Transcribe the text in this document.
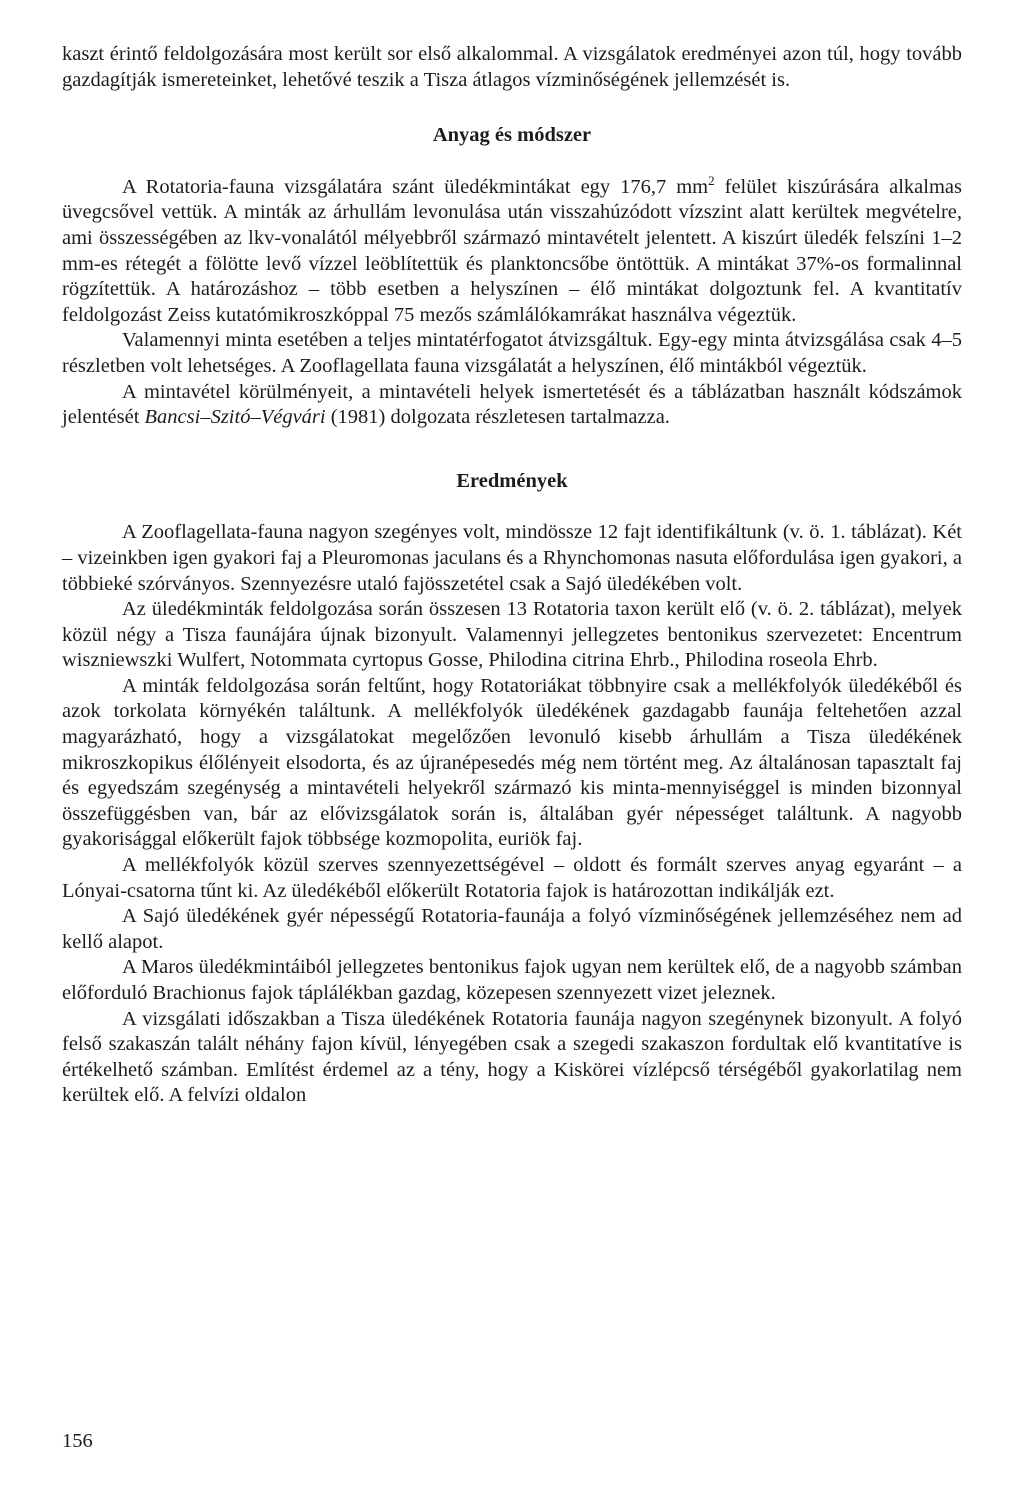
kaszt érintő feldolgozására most került sor első alkalommal. A vizsgálatok eredményei azon túl, hogy tovább gazdagítják ismereteinket, lehetővé teszik a Tisza átlagos vízminőségének jellemzését is.

Anyag és módszer

A Rotatoria-fauna vizsgálatára szánt üledékmintákat egy 176,7 $mm^2$ felület kiszúrására alkalmas üvegcsővel vettük. A minták az árhullám levonulása után visszahúzódott vízszint alatt kerültek megvételre, ami összességében az lkv-vonalától mélyebbről származó mintavételt jelentett. A kiszúrt üledék felszíni 1–2 mm-es rétegét a fölötte levő vízzel leöblítettük és planktoncsőbe öntöttük. A mintákat 37%-os formalinnal rögzítettük. A határozáshoz – több esetben a helyszínen – élő mintákat dolgoztunk fel. A kvantitatív feldolgozást Zeiss kutatómikroszkóppal 75 mezős számlálókamrákat használva végeztük.

Valamennyi minta esetében a teljes mintatérfogatot átvizsgáltuk. Egy-egy minta átvizsgálása csak 4–5 részletben volt lehetséges. A Zooflagellata fauna vizsgálatát a helyszínen, élő mintákból végeztük.

A mintavétel körülményeit, a mintavételi helyek ismertetését és a táblázatban használt kódszámok jelentését Bancsi–Szitó–Végvári (1981) dolgozata részletesen tartalmazza.

Eredmények

A Zooflagellata-fauna nagyon szegényes volt, mindössze 12 fajt identifikáltunk (v. ö. 1. táblázat). Két – vizeinkben igen gyakori faj a Pleuromonas jaculans és a Rhynchomonas nasuta előfordulása igen gyakori, a többieké szórványos. Szennyezésre utaló fajösszetétel csak a Sajó üledékében volt.

Az üledékminták feldolgozása során összesen 13 Rotatoria taxon került elő (v. ö. 2. táblázat), melyek közül négy a Tisza faunájára újnak bizonyult. Valamennyi jellegzetes bentonikus szervezetet: Encentrum wiszniewszki Wulfert, Notommata cyrtopus Gosse, Philodina citrina Ehrb., Philodina roseola Ehrb.

A minták feldolgozása során feltűnt, hogy Rotatoriákat többnyire csak a mellékfolyók üledékéből és azok torkolata környékén találtunk. A mellékfolyók üledékének gazdagabb faunája feltehetően azzal magyarázható, hogy a vizsgálatokat megelőzően levonuló kisebb árhullám a Tisza üledékének mikroszkopikus élőlényeit elsodorta, és az újranépesedés még nem történt meg. Az általánosan tapasztalt faj és egyedszám szegénység a mintavételi helyekről származó kis minta-mennyiséggel is minden bizonnyal összefüggésben van, bár az elővizsgálatok során is, általában gyér népességet találtunk. A nagyobb gyakorisággal előkerült fajok többsége kozmopolita, euriök faj.

A mellékfolyók közül szerves szennyezettségével – oldott és formált szerves anyag egyaránt – a Lónyai-csatorna tűnt ki. Az üledékéből előkerült Rotatoria fajok is határozottan indikálják ezt.

A Sajó üledékének gyér népességű Rotatoria-faunája a folyó vízminőségének jellemzéséhez nem ad kellő alapot.

A Maros üledékmintáiból jellegzetes bentonikus fajok ugyan nem kerültek elő, de a nagyobb számban előforduló Brachionus fajok táplálékban gazdag, közepesen szennyezett vizet jeleznek.

A vizsgálati időszakban a Tisza üledékének Rotatoria faunája nagyon szegénynek bizonyult. A folyó felső szakaszán talált néhány fajon kívül, lényegében csak a szegedi szakaszon fordultak elő kvantitatíve is értékelhető számban. Említést érdemel az a tény, hogy a Kiskörei vízlépcső térségéből gyakorlatilag nem kerültek elő. A felvízi oldalon

156
